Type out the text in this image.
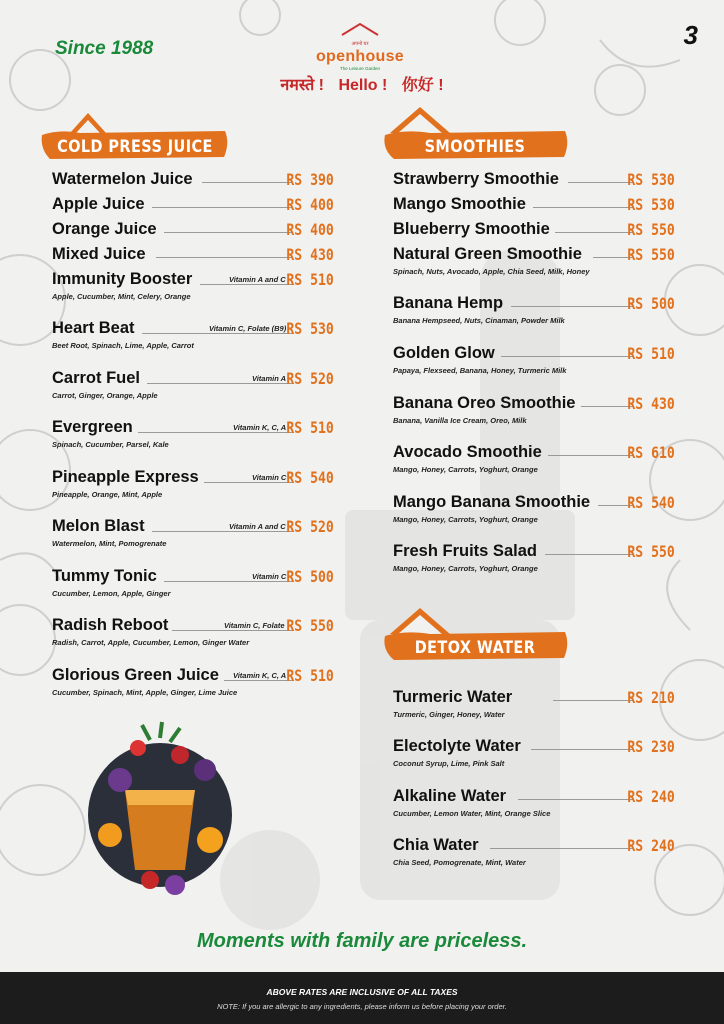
Since 1988	अपनो घर
openhouse
The Leisure Garden
3
नमस्ते ! Hello ! 你好 !
COLD PRESS JUICE	SMOOTHIES
DETOX WATER
Watermelon Juice	RS 390
Apple Juice	RS 400
Orange Juice	RS 400
Mixed Juice	RS 430
Immunity Booster	Vitamin A and C RS 510
Apple, Cucumber, Mint, Celery, Orange
Heart Beat	Vitamin C, Folate (B9) RS 530
Beet Root, Spinach, Lime, Apple, Carrot
Carrot Fuel	Vitamin A RS 520
Carrot, Ginger, Orange, Apple
Evergreen	Vitamin K, C, A RS 510
Spinach, Cucumber, Parsel, Kale
Pineapple Express	Vitamin C RS 540
Pineapple, Orange, Mint, Apple
Melon Blast	Vitamin A and C RS 520
Watermelon, Mint, Pomogrenate
Tummy Tonic	Vitamin C RS 500
Cucumber, Lemon, Apple, Ginger
Radish Reboot	Vitamin C, Folate RS 550
Radish, Carrot, Apple, Cucumber, Lemon, Ginger Water
Glorious Green Juice Vitamin K, C, A RS 510
Cucumber, Spinach, Mint, Apple, Ginger, Lime Juice
Strawberry Smoothie	RS 530
Mango Smoothie	RS 530
Blueberry Smoothie	RS 550
Natural Green Smoothie	RS 550
Spinach, Nuts, Avocado, Apple, Chia Seed, Milk, Honey
Banana Hemp	RS 500
Banana Hempseed, Nuts, Cinaman, Powder Milk
Golden Glow	RS 510
Papaya, Flexseed, Banana, Honey, Turmeric Milk
Banana Oreo Smoothie	RS 430
Banana, Vanilla Ice Cream, Oreo, Milk
Avocado Smoothie	RS 610
Mango, Honey, Carrots, Yoghurt, Orange
Mango Banana Smoothie RS 540
Mango, Honey, Carrots, Yoghurt, Orange
Fresh Fruits Salad	RS 550
Mango, Honey, Carrots, Yoghurt, Orange
Turmeric Water	RS 210
Turmeric, Ginger, Honey, Water
Electolyte Water	RS 230
Coconut Syrup, Lime, Pink Salt
Alkaline Water	RS 240
Cucumber, Lemon Water, Mint, Orange Slice
Chia Water	RS 240
Chia Seed, Pomogrenate, Mint, Water
Moments with family are priceless.
ABOVE RATES ARE INCLUSIVE OF ALL TAXES
NOTE: If you are allergic to any ingredients, please inform us before placing your order.
